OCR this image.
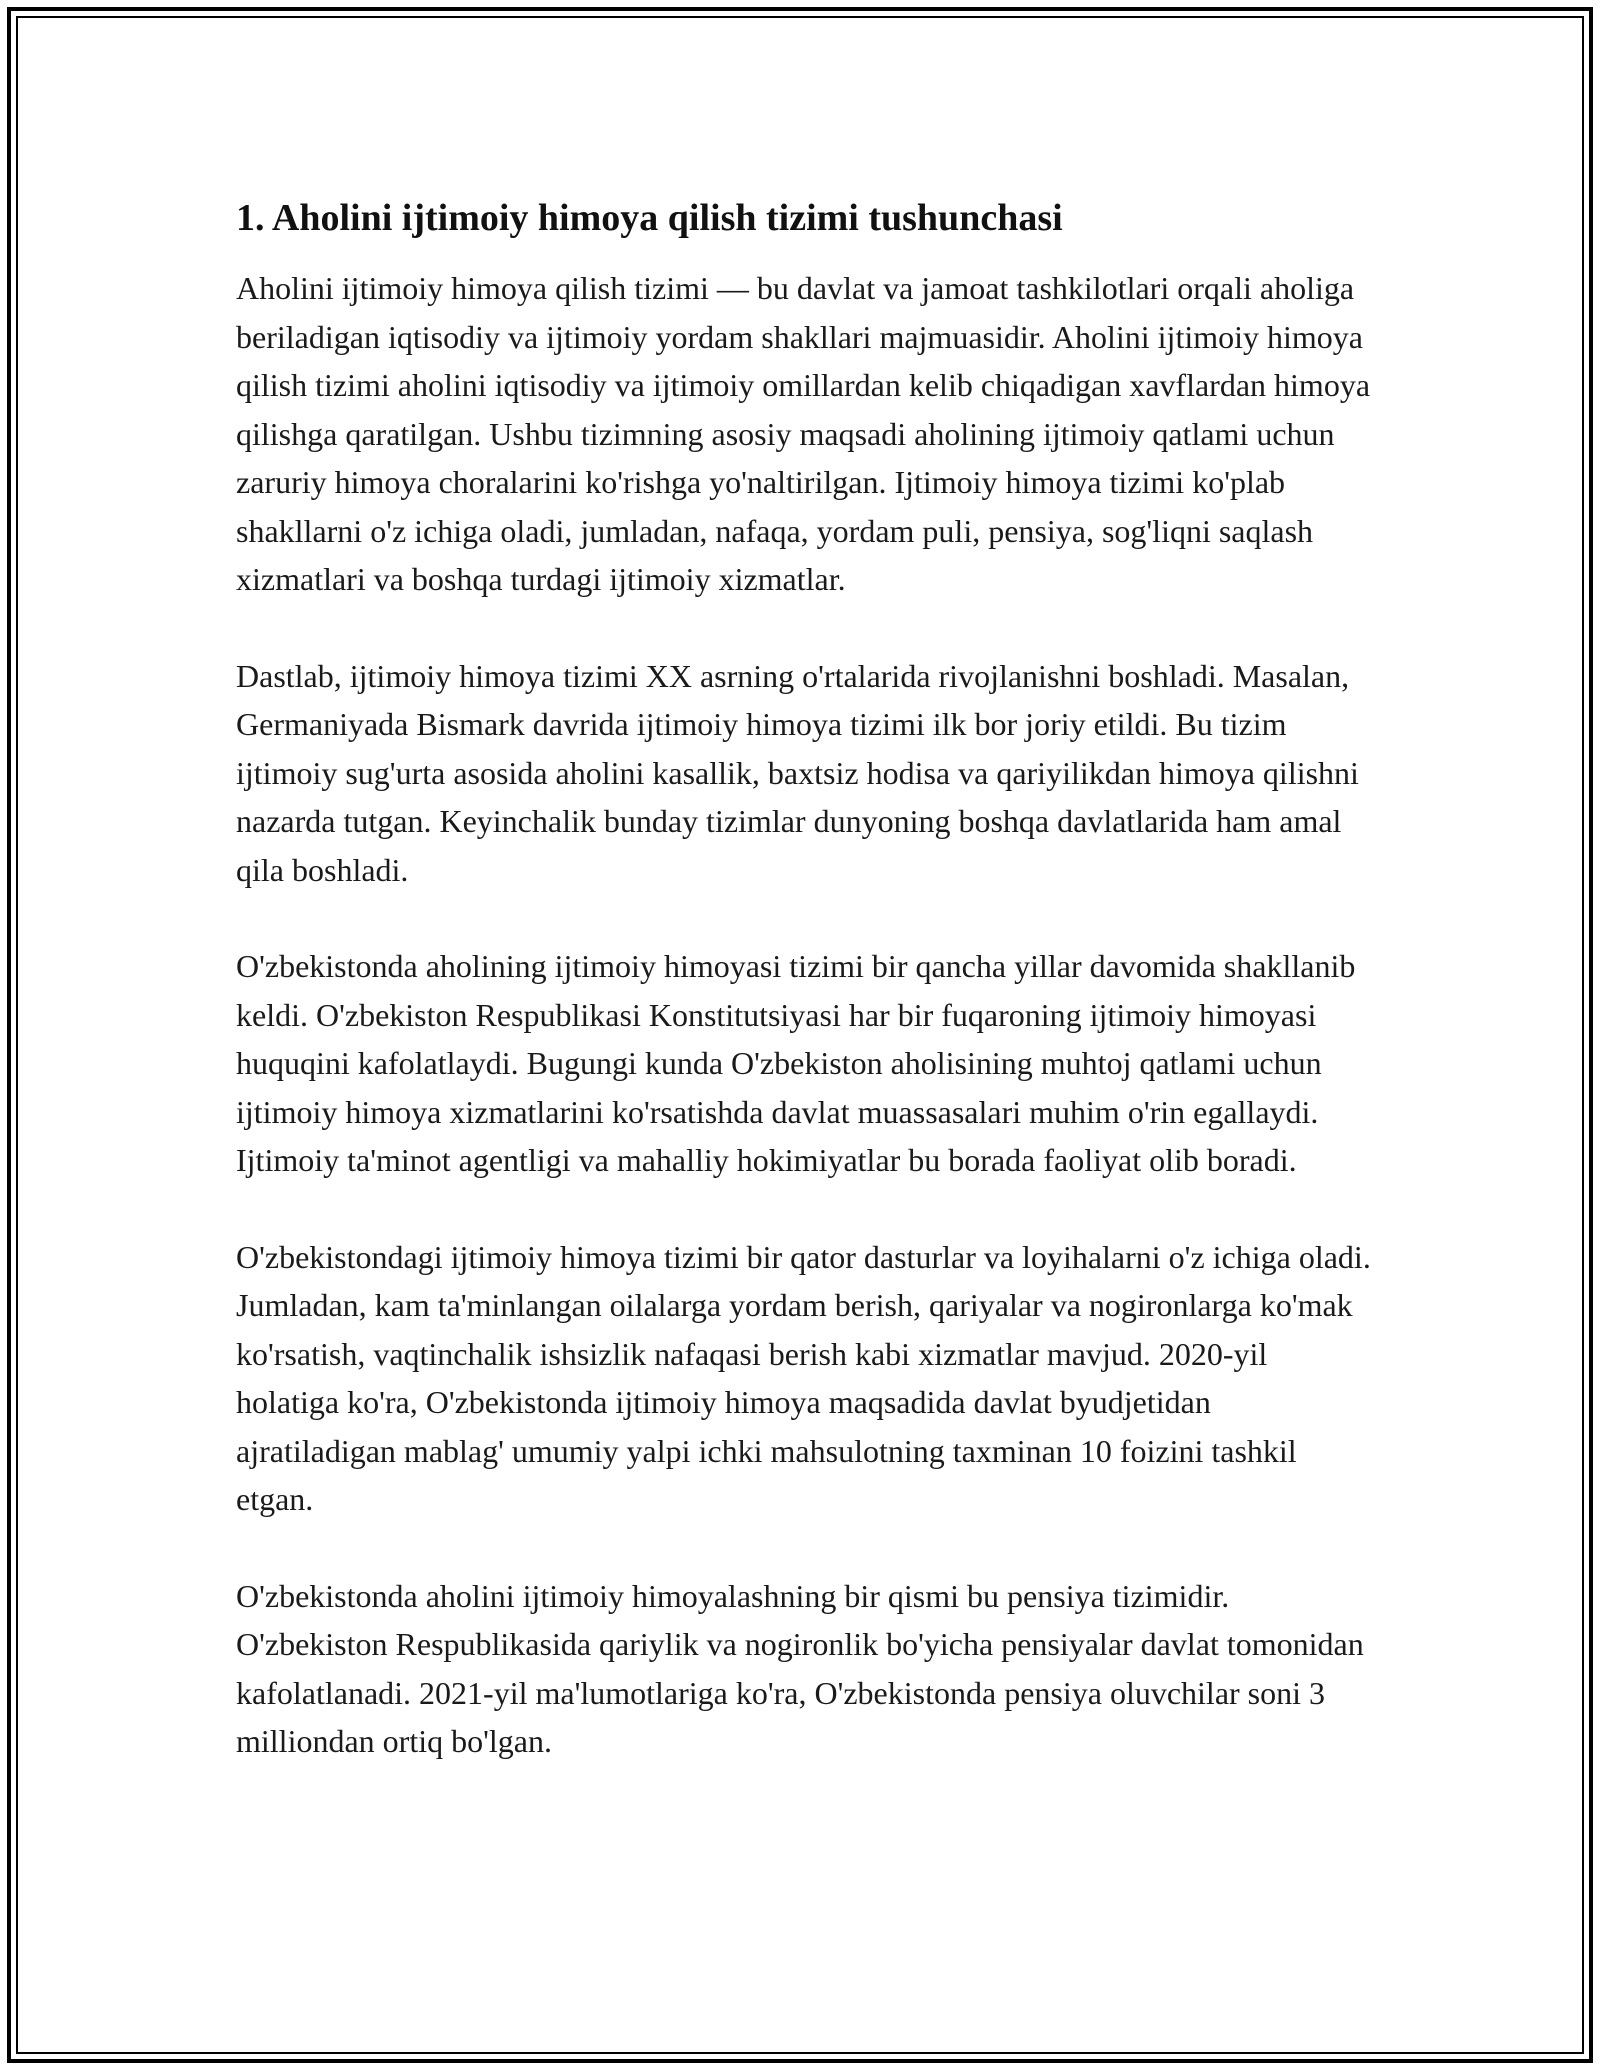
1. Aholini ijtimoiy himoya qilish tizimi tushunchasi

Aholini ijtimoiy himoya qilish tizimi — bu davlat va jamoat tashkilotlari orqali aholiga beriladigan iqtisodiy va ijtimoiy yordam shakllari majmuasidir. Aholini ijtimoiy himoya qilish tizimi aholini iqtisodiy va ijtimoiy omillardan kelib chiqadigan xavflardan himoya qilishga qaratilgan. Ushbu tizimning asosiy maqsadi aholining ijtimoiy qatlami uchun zaruriy himoya choralarini ko'rishga yo'naltirilgan. Ijtimoiy himoya tizimi ko'plab shakllarni o'z ichiga oladi, jumladan, nafaqa, yordam puli, pensiya, sog'liqni saqlash xizmatlari va boshqa turdagi ijtimoiy xizmatlar.

Dastlab, ijtimoiy himoya tizimi XX asrning o'rtalarida rivojlanishni boshladi. Masalan, Germaniyada Bismark davrida ijtimoiy himoya tizimi ilk bor joriy etildi. Bu tizim ijtimoiy sug'urta asosida aholini kasallik, baxtsiz hodisa va qariyilikdan himoya qilishni nazarda tutgan. Keyinchalik bunday tizimlar dunyoning boshqa davlatlarida ham amal qila boshladi.

O'zbekistonda aholining ijtimoiy himoyasi tizimi bir qancha yillar davomida shakllanib keldi. O'zbekiston Respublikasi Konstitutsiyasi har bir fuqaroning ijtimoiy himoyasi huquqini kafolatlaydi. Bugungi kunda O'zbekiston aholisining muhtoj qatlami uchun ijtimoiy himoya xizmatlarini ko'rsatishda davlat muassasalari muhim o'rin egallaydi. Ijtimoiy ta'minot agentligi va mahalliy hokimiyatlar bu borada faoliyat olib boradi.

O'zbekistondagi ijtimoiy himoya tizimi bir qator dasturlar va loyihalarni o'z ichiga oladi. Jumladan, kam ta'minlangan oilalarga yordam berish, qariyalar va nogironlarga ko'mak ko'rsatish, vaqtinchalik ishsizlik nafaqasi berish kabi xizmatlar mavjud. 2020-yil holatiga ko'ra, O'zbekistonda ijtimoiy himoya maqsadida davlat byudjetidan ajratiladigan mablag' umumiy yalpi ichki mahsulotning taxminan 10 foizini tashkil etgan.

O'zbekistonda aholini ijtimoiy himoyalashning bir qismi bu pensiya tizimidir. O'zbekiston Respublikasida qariylik va nogironlik bo'yicha pensiyalar davlat tomonidan kafolatlanadi. 2021-yil ma'lumotlariga ko'ra, O'zbekistonda pensiya oluvchilar soni 3 milliondan ortiq bo'lgan.
